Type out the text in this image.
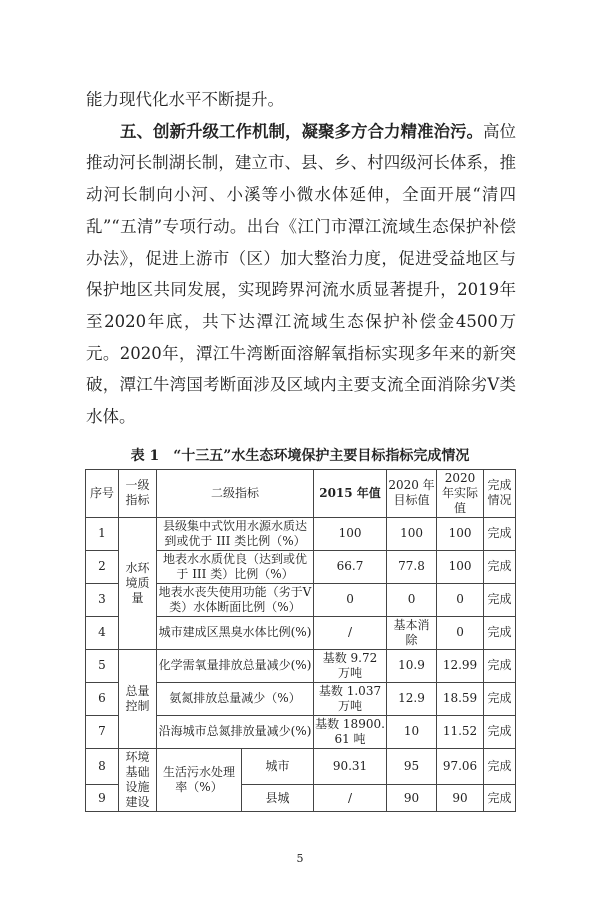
能力现代化水平不断提升。

五、创新升级工作机制，凝聚多方合力精准治污。高位推动河长制湖长制，建立市、县、乡、村四级河长体系，推动河长制向小河、小溪等小微水体延伸，全面开展“清四乱”“五清”专项行动。出台《江门市潭江流域生态保护补偿办法》，促进上游市（区）加大整治力度，促进受益地区与保护地区共同发展，实现跨界河流水质显著提升，2019年至2020年底，共下达潭江流域生态保护补偿金4500万元。2020年，潭江牛湾断面溶解氧指标实现多年来的新突破，潭江牛湾国考断面涉及区域内主要支流全面消除劣V类水体。

表 1　“十三五”水生态环境保护主要目标指标完成情况
序号	一级指标	二级指标		2015 年值	2020 年目标值	2020 年实际值	完成情况
1	水环境质量	县级集中式饮用水源水质达到或优于 III 类比例（%）		100	100	100	完成
2		地表水水质优良（达到或优于 III 类）比例（%）		66.7	77.8	100	完成
3		地表水丧失使用功能（劣于V类）水体断面比例（%）		0	0	0	完成
4		城市建成区黑臭水体比例(%)		/	基本消除	0	完成
5	总量控制	化学需氧量排放总量减少(%)		基数 9.72 万吨	10.9	12.99	完成
6		氨氮排放总量减少（%）		基数 1.037 万吨	12.9	18.59	完成
7		沿海城市总氮排放量减少(%)		基数 18900.61 吨	10	11.52	完成
8	环境基础设施建设	生活污水处理率（%）	城市	90.31	95	97.06	完成
9			县城	/	90	90	完成
5
